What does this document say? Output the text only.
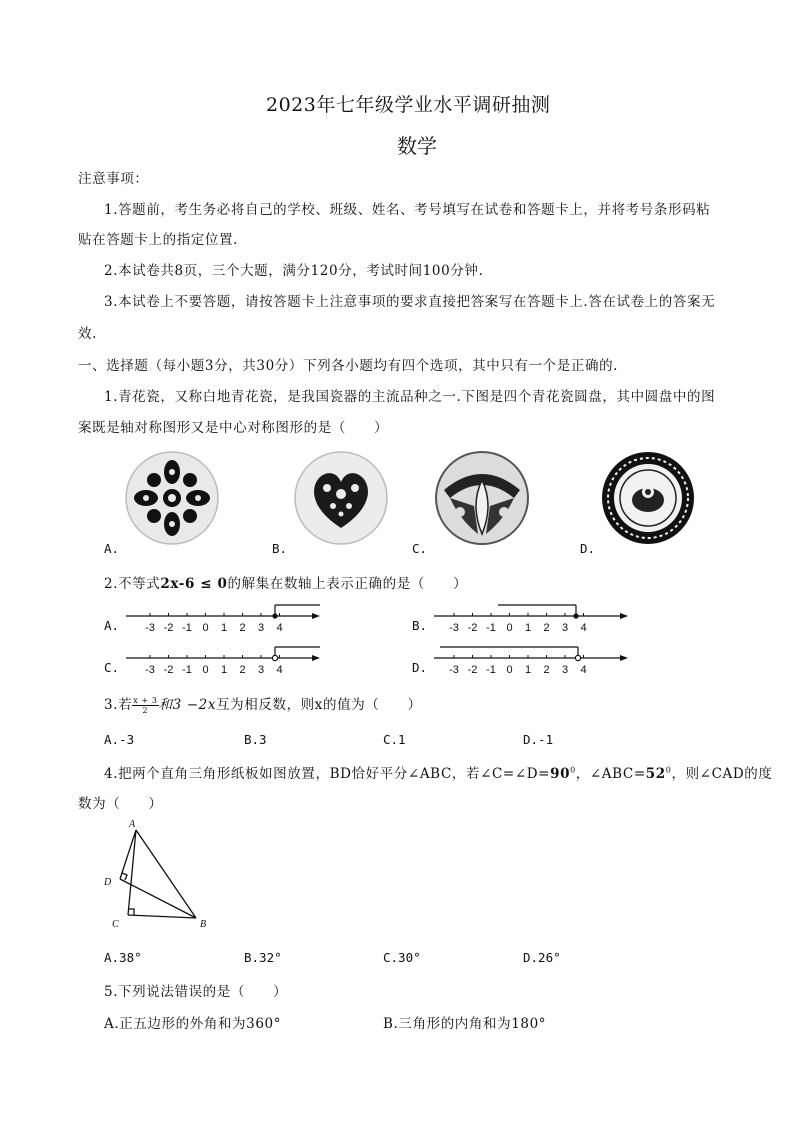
2023年七年级学业水平调研抽测
数学
注意事项：
1.答题前，考生务必将自己的学校、班级、姓名、考号填写在试卷和答题卡上，并将考号条形码粘
贴在答题卡上的指定位置.
2.本试卷共8页，三个大题，满分120分，考试时间100分钟.
3.本试卷上不要答题，请按答题卡上注意事项的要求直接把答案写在答题卡上.答在试卷上的答案无
效.
一、选择题（每小题3分，共30分）下列各小题均有四个选项，其中只有一个是正确的.
1.青花瓷，又称白地青花瓷，是我国瓷器的主流品种之一.下图是四个青花瓷圆盘，其中圆盘中的图
案既是轴对称图形又是中心对称图形的是（　　）
A.	B.	C.	D.
2.不等式2x-6 ≤ 0的解集在数轴上表示正确的是（　　）
A. -3 -2 -1 0 1 2 3 4	B. -3 -2 -1 0 1 2 3 4
C. -3 -2 -1 0 1 2 3 4	D. -3 -2 -1 0 1 2 3 4
3.若 $\frac{x + 3}{2}$ 和3 −2x互为相反数，则x的值为（　　）
A.-3	B.3	C.1	D.-1
4.把两个直角三角形纸板如图放置，BD恰好平分∠ABC，若$\angle C=\angle D=90^0$，$\angle ABC=52^0$，则∠CAD的度
数为（　　）
A
D
C	B
A.38°	B.32°	C.30°	D.26°
5.下列说法错误的是（　　）
A.正五边形的外角和为360°	B.三角形的内角和为180°
